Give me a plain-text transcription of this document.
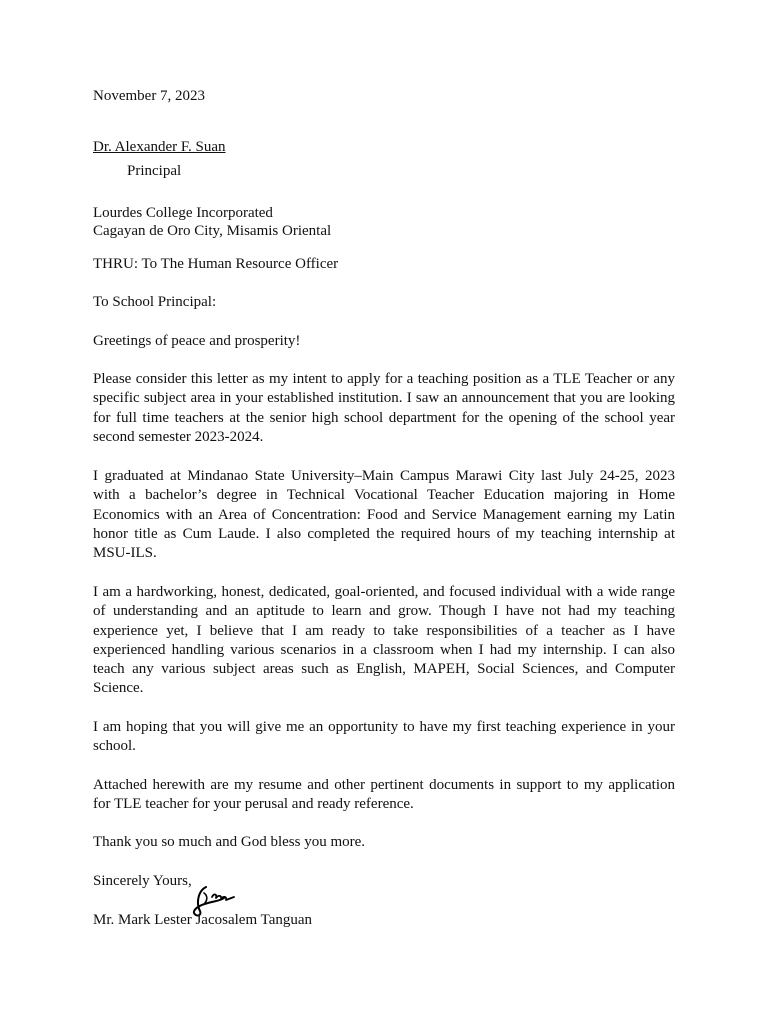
November 7, 2023
Dr. Alexander F. Suan
Principal
Lourdes College Incorporated
Cagayan de Oro City, Misamis Oriental
THRU: To The Human Resource Officer
To School Principal:
Greetings of peace and prosperity!
Please consider this letter as my intent to apply for a teaching position as a TLE Teacher or any
specific subject area in your established institution. I saw an announcement that you are looking
for full time teachers at the senior high school department for the opening of the school year
second semester 2023-2024.
I graduated at Mindanao State University–Main Campus Marawi City last July 24-25, 2023
with a bachelor’s degree in Technical Vocational Teacher Education majoring in Home
Economics with an Area of Concentration: Food and Service Management earning my Latin
honor title as Cum Laude. I also completed the required hours of my teaching internship at
MSU-ILS.
I am a hardworking, honest, dedicated, goal-oriented, and focused individual with a wide range
of understanding and an aptitude to learn and grow. Though I have not had my teaching
experience yet, I believe that I am ready to take responsibilities of a teacher as I have
experienced handling various scenarios in a classroom when I had my internship. I can also
teach any various subject areas such as English, MAPEH, Social Sciences, and Computer
Science.
I am hoping that you will give me an opportunity to have my first teaching experience in your
school.
Attached herewith are my resume and other pertinent documents in support to my application
for TLE teacher for your perusal and ready reference.
Thank you so much and God bless you more.
Sincerely Yours,
Mr. Mark Lester Jacosalem Tanguan
